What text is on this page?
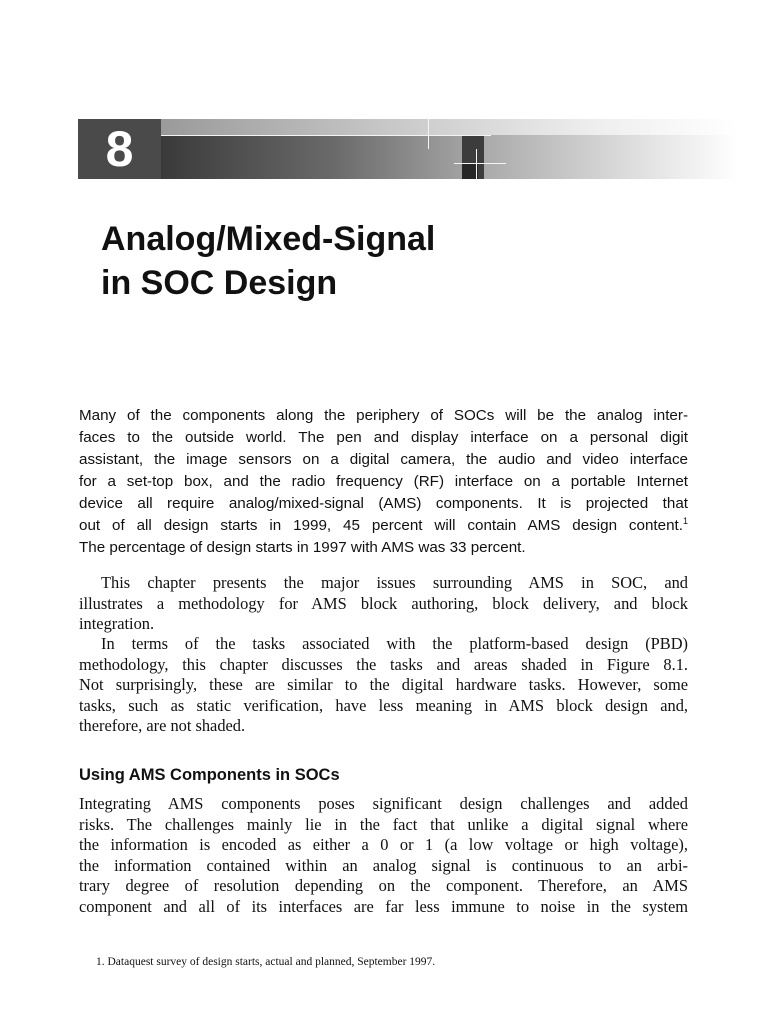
8
Analog/Mixed-Signal
in SOC Design
Many of the components along the periphery of SOCs will be the analog inter-
faces to the outside world. The pen and display interface on a personal digit
assistant, the image sensors on a digital camera, the audio and video interface
for a set-top box, and the radio frequency (RF) interface on a portable Internet
device all require analog/mixed-signal (AMS) components. It is projected that
out of all design starts in 1999, 45 percent will contain AMS design content.$^1$
The percentage of design starts in 1997 with AMS was 33 percent.
This chapter presents the major issues surrounding AMS in SOC, and
illustrates a methodology for AMS block authoring, block delivery, and block
integration.
In terms of the tasks associated with the platform-based design (PBD)
methodology, this chapter discusses the tasks and areas shaded in Figure 8.1.
Not surprisingly, these are similar to the digital hardware tasks. However, some
tasks, such as static verification, have less meaning in AMS block design and,
therefore, are not shaded.
Using AMS Components in SOCs
Integrating AMS components poses significant design challenges and added
risks. The challenges mainly lie in the fact that unlike a digital signal where
the information is encoded as either a 0 or 1 (a low voltage or high voltage),
the information contained within an analog signal is continuous to an arbi-
trary degree of resolution depending on the component. Therefore, an AMS
component and all of its interfaces are far less immune to noise in the system
1. Dataquest survey of design starts, actual and planned, September 1997.
